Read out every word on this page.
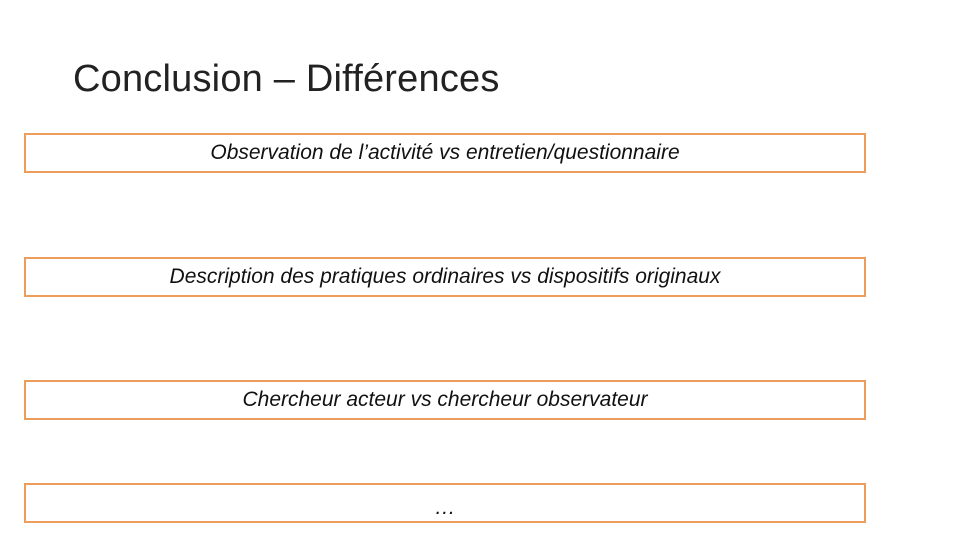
Conclusion – Différences
Observation de l’activité vs entretien/questionnaire
Description des pratiques ordinaires vs dispositifs originaux
Chercheur acteur vs chercheur observateur
…
